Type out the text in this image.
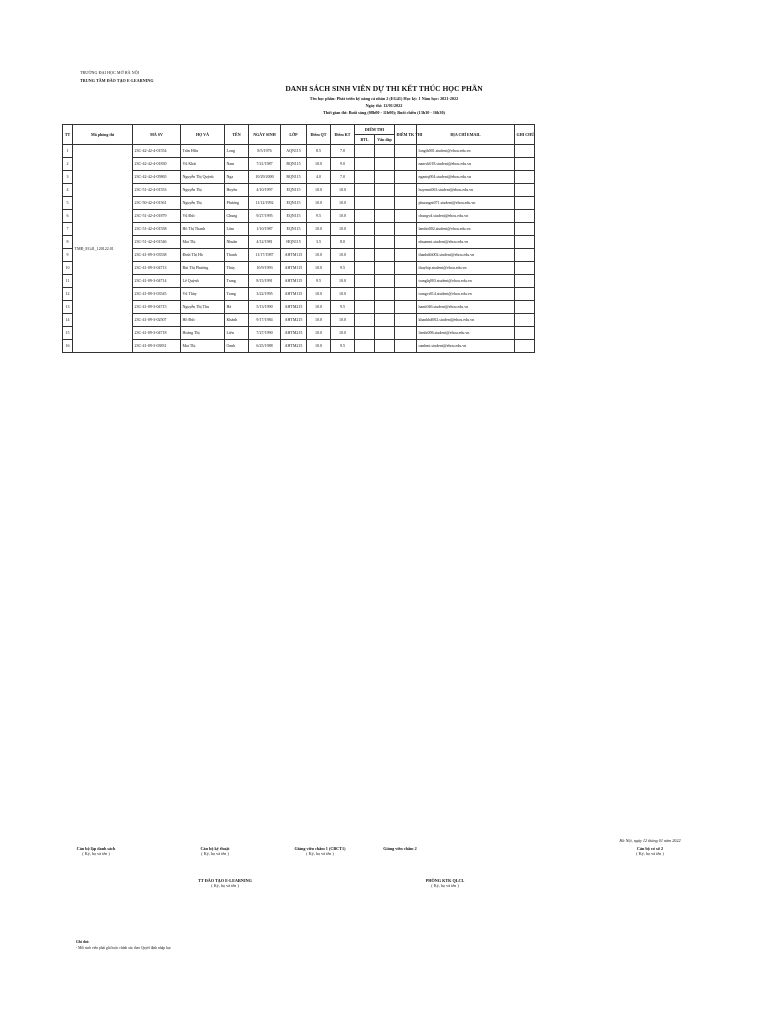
TRƯỜNG ĐẠI HỌC MỞ HÀ NỘI
TRUNG TÂM ĐÀO TẠO E-LEARNING
DANH SÁCH SINH VIÊN DỰ THI KẾT THÚC HỌC PHẦN
Tên học phần: Phát triển kỹ năng cá nhân 2 (EG41) Học kỳ: 1 Năm học: 2021-2022
Ngày thi: 12/01/2022
Thời gian thi: Buổi sáng (08h00 - 11h00); Buổi chiều (13h30 - 16h30)
TT	Mã phòng thi	MÃ SV	HỌ VÀ	TÊN	NGÀY SINH	LỚP	Điểm QT	Điểm KT	ĐIỂM THI		ĐIỂM TK THI	ĐỊA CHỈ EMAIL	GHI CHÚ
									BTL	Vấn đáp			
1	TMĐ_EG41_120122.01	23C-42-42-4-01554	Trần Hữu	Long	8/5/1976	AQN115	8.5	7.0				longth001.student@ehou.edu.vn	
2		23C-42-42-4-01830	Vũ Khải	Nam	7/21/1987	BQN115	10.0	9.0				namvk018.student@ehou.edu.vn	
3		23C-42-42-4-05865	Nguyễn Thị Quỳnh	Nga	10/29/2000	BQN115	4.0	7.0				ngantq004.student@ehou.edu.vn	
4		23C-51-42-4-01553	Nguyễn Thị	Huyền	4/10/1997	EQN115	10.0	10.0				huyennt063.student@ehou.edu.vn	
5		23C-50-42-4-01561	Nguyễn Thị	Phương	11/12/1992	EQN115	10.0	10.0				phuongnt071.student@ehou.edu.vn	
6		23C-51-42-4-01879	Vũ Đức	Chung	9/27/1995	EQN115	9.5	10.0				chungvd.student@ehou.edu.vn	
7		23C-51-42-4-01558	Hồ Thị Thanh	Lâm	1/10/1987	EQN115	10.0	10.0				lamhtt002.student@ehou.edu.vn	
8		23C-51-42-4-01546	Mai Thị	Nhuần	4/12/1981	HQN115	3.5	8.0				nhuanmt.student@ehou.edu.vn	
9		23C-41-09-3-03538	Đinh Thị Hà	Thanh	11/17/1987	AHTM115	10.0	10.0				thanhdth002.student@ehou.edu.vn	
10		23C-41-09-3-04713	Bùi Thị Phương	Thủy	10/9/1993	AHTM115	10.0	9.5				thuybtp.student@ehou.edu.vn	
11		23C-41-09-3-04714	Lê Quỳnh	Trang	8/15/1991	AHTM115	9.5	10.0				tranglq003.student@ehou.edu.vn	
12		23C-41-09-3-03545	Vũ Thùy	Trang	3/22/1995	AHTM115	10.0	10.0				trangvt014.student@ehou.edu.vn	
13		23C-41-09-3-04715	Nguyễn Thị Thu	Hà	5/13/1990	AHTM215	10.0	9.5				hantt046.student@ehou.edu.vn	
14		23C-41-09-3-02507	Hồ Đức	Khánh	9/17/1984	AHTM215	10.0	10.0				khanhhd002.student@ehou.edu.vn	
15		23C-41-09-3-04718	Hoàng Thị	Liên	7/27/1990	AHTM215	10.0	10.0				lienht006.student@ehou.edu.vn	
16		23C-41-09-3-03831	Mai Thị	Oanh	6/25/1988	AHTM215	10.0	9.5				oanhmt.student@ehou.edu.vn	
Hà Nội, ngày 12 tháng 01 năm 2022
Cán bộ lập danh sách
( Ký, họ và tên )
Cán bộ kỹ thuật
( Ký, họ và tên )
Giảng viên chấm 1 (CBCT1)
( Ký, họ và tên )
Giảng viên chấm 2	Cán bộ cơ sở 2
( Ký, họ và tên )
TT ĐÀO TẠO E-LEARNING
( Ký, họ và tên )
PHÒNG KTK QLCL
( Ký, họ và tên )
Ghi chú:
- Mỗi sinh viên phải ghi hoặc chính xác theo Quyết định nhập học
